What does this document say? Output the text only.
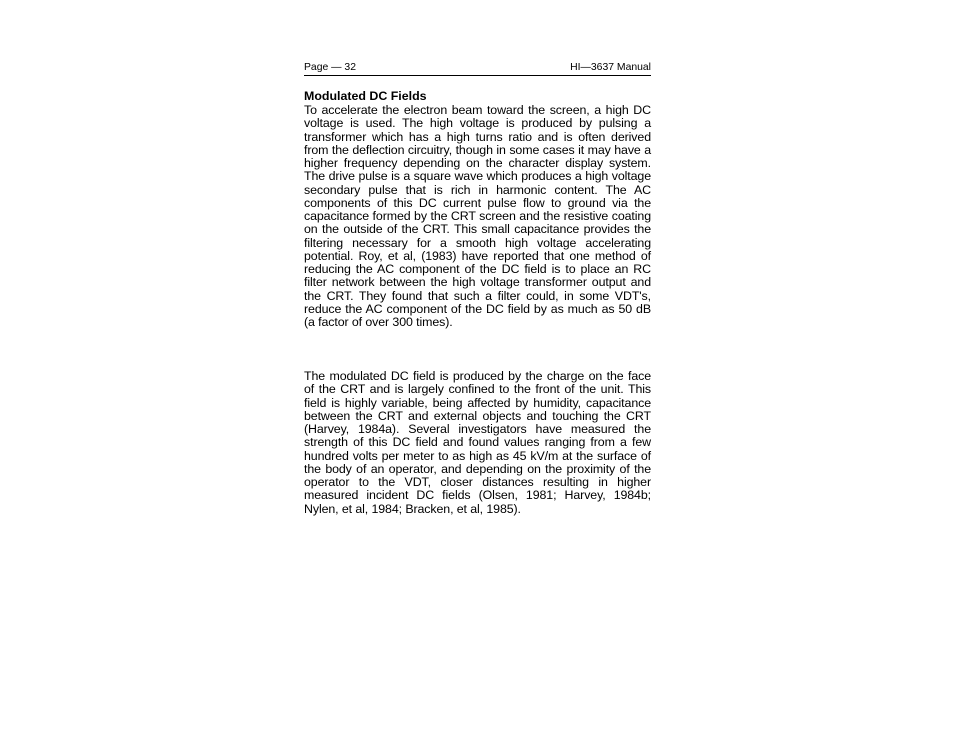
Page — 32	HI—3637 Manual
Modulated DC Fields

To accelerate the electron beam toward the screen, a high DC voltage is used. The high voltage is produced by pulsing a transformer which has a high turns ratio and is often derived from the deflection circuitry, though in some cases it may have a higher frequency depending on the character display system. The drive pulse is a square wave which produces a high voltage secondary pulse that is rich in harmonic content. The AC components of this DC current pulse flow to ground via the capacitance formed by the CRT screen and the resistive coating on the outside of the CRT. This small capacitance provides the filtering necessary for a smooth high voltage accelerating potential. Roy, et al, (1983) have reported that one method of reducing the AC component of the DC field is to place an RC filter network between the high voltage transformer output and the CRT. They found that such a filter could, in some VDT's, reduce the AC component of the DC field by as much as 50 dB (a factor of over 300 times).

The modulated DC field is produced by the charge on the face of the CRT and is largely confined to the front of the unit. This field is highly variable, being affected by humidity, capacitance between the CRT and external objects and touching the CRT (Harvey, 1984a). Several investigators have measured the strength of this DC field and found values ranging from a few hundred volts per meter to as high as 45 kV/m at the surface of the body of an operator, and depending on the proximity of the operator to the VDT, closer distances resulting in higher measured incident DC fields (Olsen, 1981; Harvey, 1984b; Nylen, et al, 1984; Bracken, et al, 1985).
